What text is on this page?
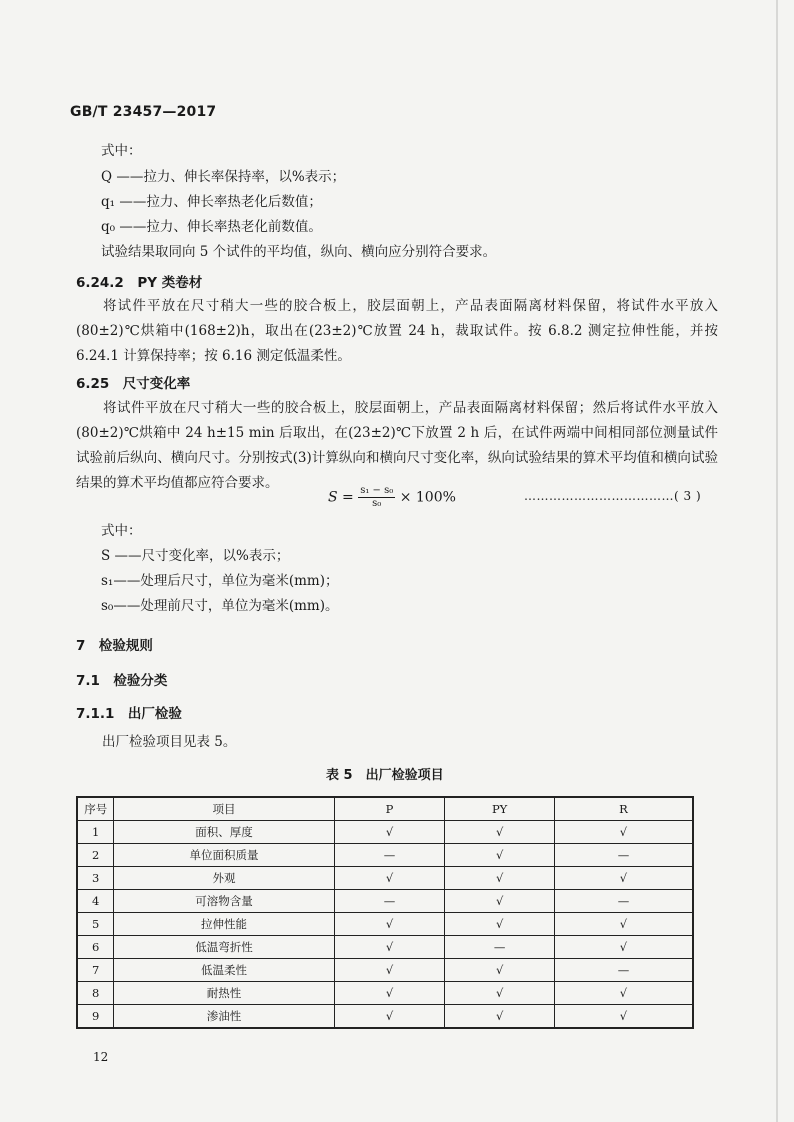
GB/T 23457—2017
式中：
Q ——拉力、伸长率保持率，以%表示；
q₁ ——拉力、伸长率热老化后数值；
q₀ ——拉力、伸长率热老化前数值。
试验结果取同向 5 个试件的平均值，纵向、横向应分别符合要求。
6.24.2　PY 类卷材
将试件平放在尺寸稍大一些的胶合板上，胶层面朝上，产品表面隔离材料保留，将试件水平放入(80±2)℃烘箱中(168±2)h，取出在(23±2)℃放置 24 h，裁取试件。按 6.8.2 测定拉伸性能，并按 6.24.1 计算保持率；按 6.16 测定低温柔性。
6.25　尺寸变化率
将试件平放在尺寸稍大一些的胶合板上，胶层面朝上，产品表面隔离材料保留；然后将试件水平放入(80±2)℃烘箱中 24 h±15 min 后取出，在(23±2)℃下放置 2 h 后，在试件两端中间相同部位测量试件试验前后纵向、横向尺寸。分别按式(3)计算纵向和横向尺寸变化率，纵向试验结果的算术平均值和横向试验结果的算术平均值都应符合要求。
$S = \frac{\text{s₁ − s₀}}{\text{s₀}} \times 100\%$	………………………………( 3 )
式中：
S ——尺寸变化率，以%表示；
s₁——处理后尺寸，单位为毫米(mm)；
s₀——处理前尺寸，单位为毫米(mm)。
7　检验规则
7.1　检验分类
7.1.1　出厂检验
出厂检验项目见表 5。
表 5　出厂检验项目
序号	项目	P	PY	R
1	面积、厚度	√	√	√
2	单位面积质量	—	√	—
3	外观	√	√	√
4	可溶物含量	—	√	—
5	拉伸性能	√	√	√
6	低温弯折性	√	—	√
7	低温柔性	√	√	—
8	耐热性	√	√	√
9	渗油性	√	√	√
12
